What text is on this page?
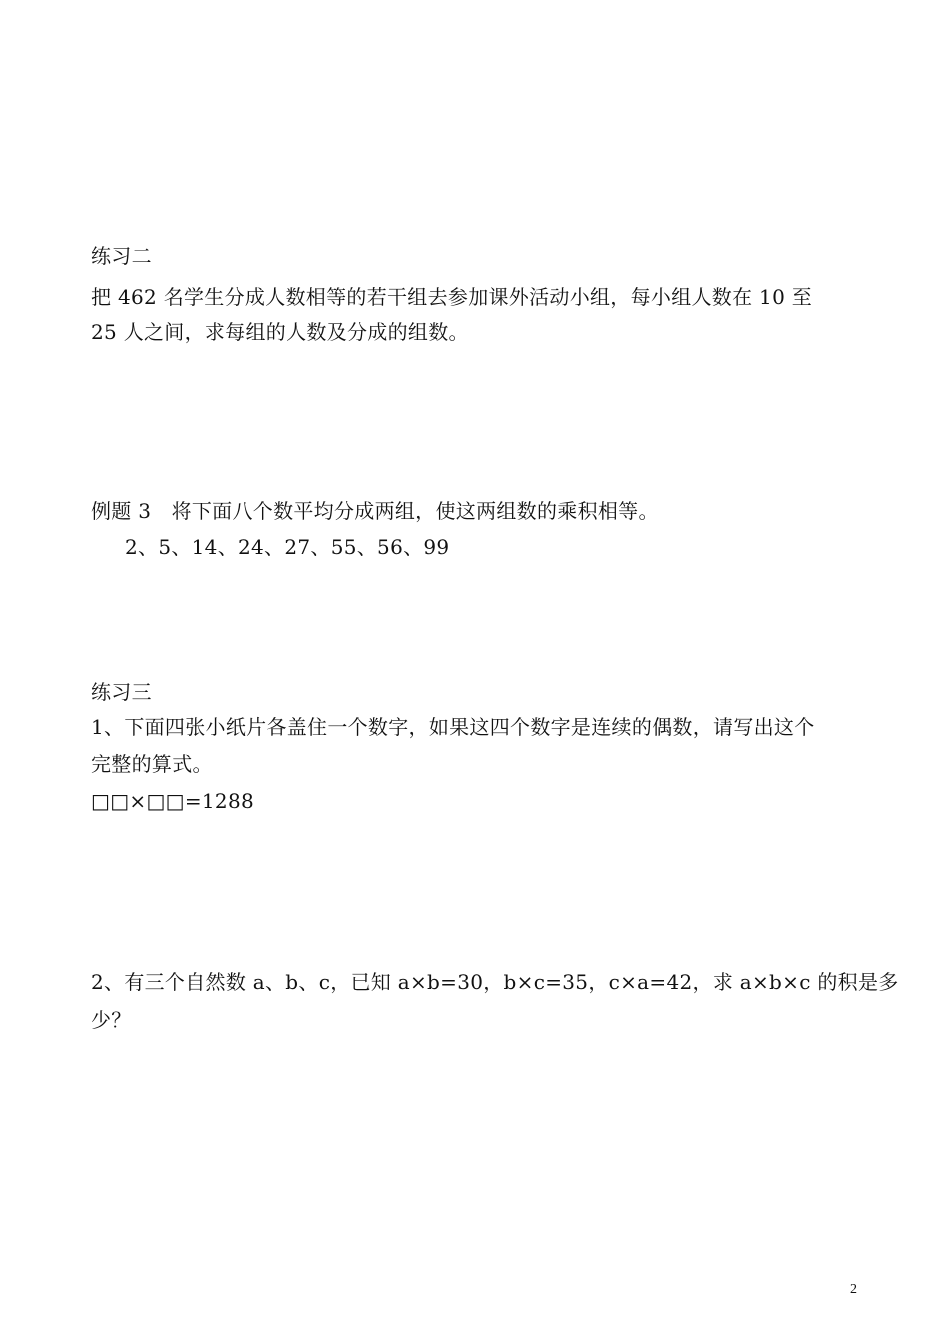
练习二
把 462 名学生分成人数相等的若干组去参加课外活动小组，每小组人数在 10 至
25 人之间，求每组的人数及分成的组数。
例题 3　将下面八个数平均分成两组，使这两组数的乘积相等。
2、5、14、24、27、55、56、99
练习三
1、下面四张小纸片各盖住一个数字，如果这四个数字是连续的偶数，请写出这个
完整的算式。
□□×□□=1288
2、有三个自然数 a、b、c，已知 a×b=30，b×c=35，c×a=42，求 a×b×c 的积是多
少？
2
